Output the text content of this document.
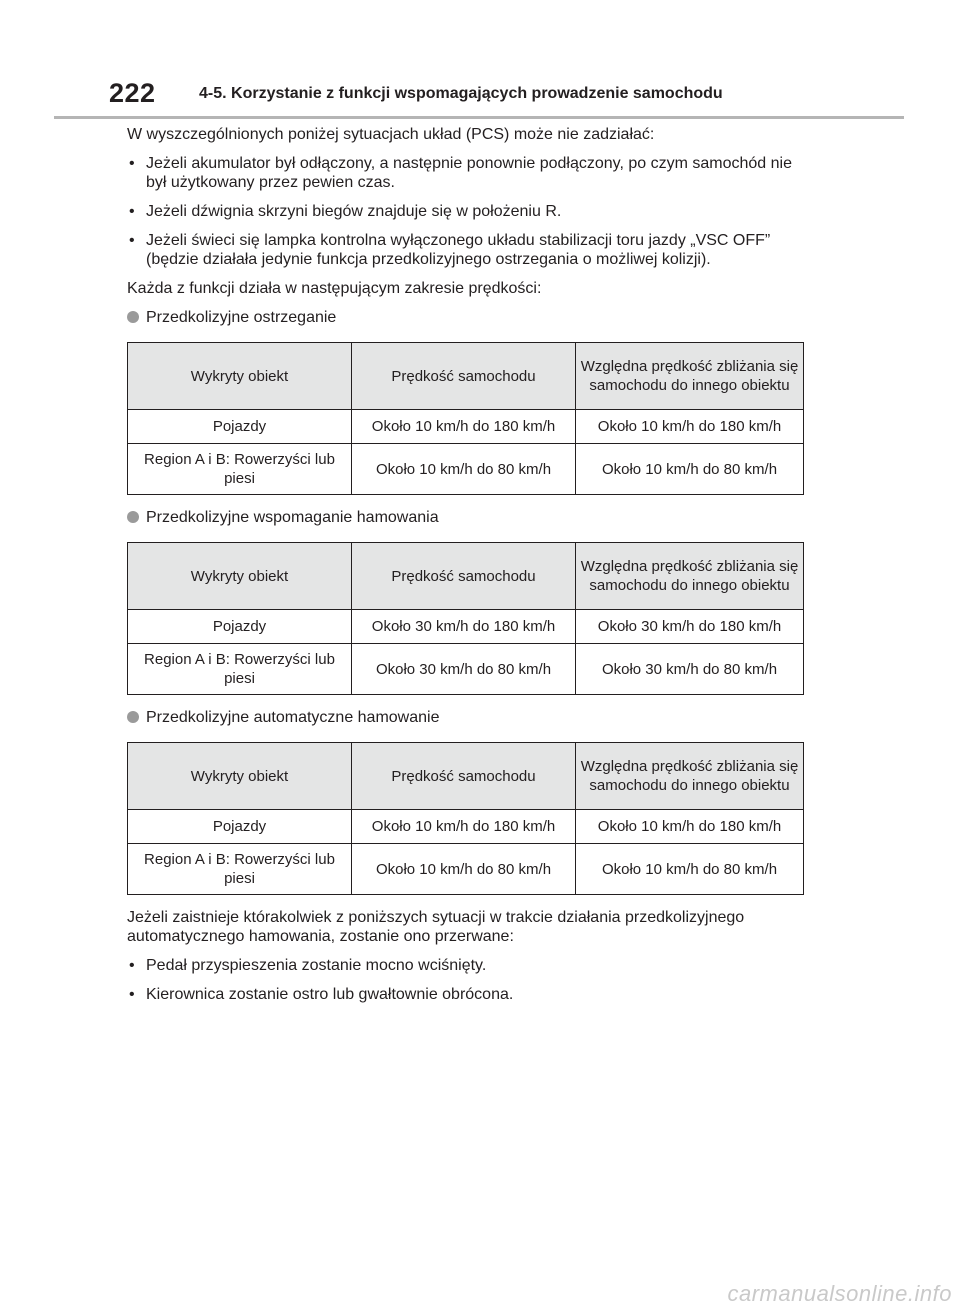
222	4-5. Korzystanie z funkcji wspomagających prowadzenie samochodu

W wyszczególnionych poniżej sytuacjach układ (PCS) może nie zadziałać:

• Jeżeli akumulator był odłączony, a następnie ponownie podłączony, po czym samochód nie był użytkowany przez pewien czas.
• Jeżeli dźwignia skrzyni biegów znajduje się w położeniu R.
• Jeżeli świeci się lampka kontrolna wyłączonego układu stabilizacji toru jazdy „VSC OFF” (będzie działała jedynie funkcja przedkolizyjnego ostrzegania o możliwej kolizji).

Każda z funkcji działa w następującym zakresie prędkości:

Przedkolizyjne ostrzeganie
Wykryty obiekt	Prędkość samochodu	Względna prędkość zbliżania się samochodu do innego obiektu
Pojazdy	Około 10 km/h do 180 km/h	Około 10 km/h do 180 km/h
Region A i B: Rowerzyści lub piesi	Około 10 km/h do 80 km/h	Około 10 km/h do 80 km/h
Przedkolizyjne wspomaganie hamowania
Wykryty obiekt	Prędkość samochodu	Względna prędkość zbliżania się samochodu do innego obiektu
Pojazdy	Około 30 km/h do 180 km/h	Około 30 km/h do 180 km/h
Region A i B: Rowerzyści lub piesi	Około 30 km/h do 80 km/h	Około 30 km/h do 80 km/h
Przedkolizyjne automatyczne hamowanie
Wykryty obiekt	Prędkość samochodu	Względna prędkość zbliżania się samochodu do innego obiektu
Pojazdy	Około 10 km/h do 180 km/h	Około 10 km/h do 180 km/h
Region A i B: Rowerzyści lub piesi	Około 10 km/h do 80 km/h	Około 10 km/h do 80 km/h

Jeżeli zaistnieje którakolwiek z poniższych sytuacji w trakcie działania przedkolizyjnego automatycznego hamowania, zostanie ono przerwane:

• Pedał przyspieszenia zostanie mocno wciśnięty.
• Kierownica zostanie ostro lub gwałtownie obrócona.
carmanualsonline.info
